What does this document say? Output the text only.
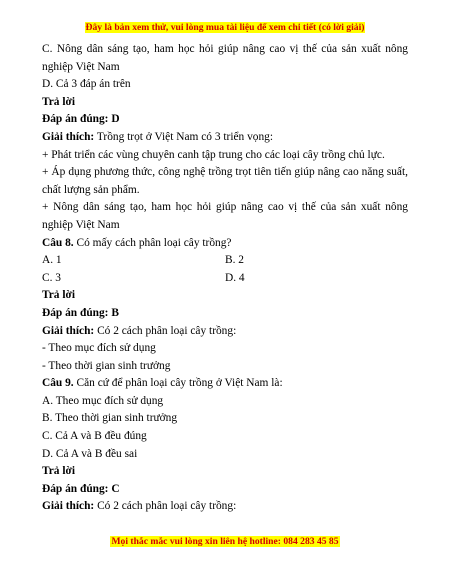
Đây là bản xem thử, vui lòng mua tài liệu để xem chi tiết (có lời giải)

C. Nông dân sáng tạo, ham học hỏi giúp nâng cao vị thế của sản xuất nông nghiệp Việt Nam

D. Cả 3 đáp án trên

Trả lời

Đáp án đúng: D

Giải thích: Trồng trọt ở Việt Nam có 3 triển vọng:

+ Phát triển các vùng chuyên canh tập trung cho các loại cây trồng chủ lực.

+ Áp dụng phương thức, công nghệ trồng trọt tiên tiến giúp nâng cao năng suất, chất lượng sản phẩm.

+ Nông dân sáng tạo, ham học hỏi giúp nâng cao vị thế của sản xuất nông nghiệp Việt Nam

Câu 8. Có mấy cách phân loại cây trồng?

A. 1	B. 2
C. 3	D. 4

Trả lời

Đáp án đúng: B

Giải thích: Có 2 cách phân loại cây trồng:

- Theo mục đích sử dụng

- Theo thời gian sinh trưởng

Câu 9. Căn cứ để phân loại cây trồng ở Việt Nam là:

A. Theo mục đích sử dụng

B. Theo thời gian sinh trưởng

C. Cả A và B đều đúng

D. Cả A và B đều sai

Trả lời

Đáp án đúng: C

Giải thích: Có 2 cách phân loại cây trồng:

Mọi thắc mắc vui lòng xin liên hệ hotline: 084 283 45 85
